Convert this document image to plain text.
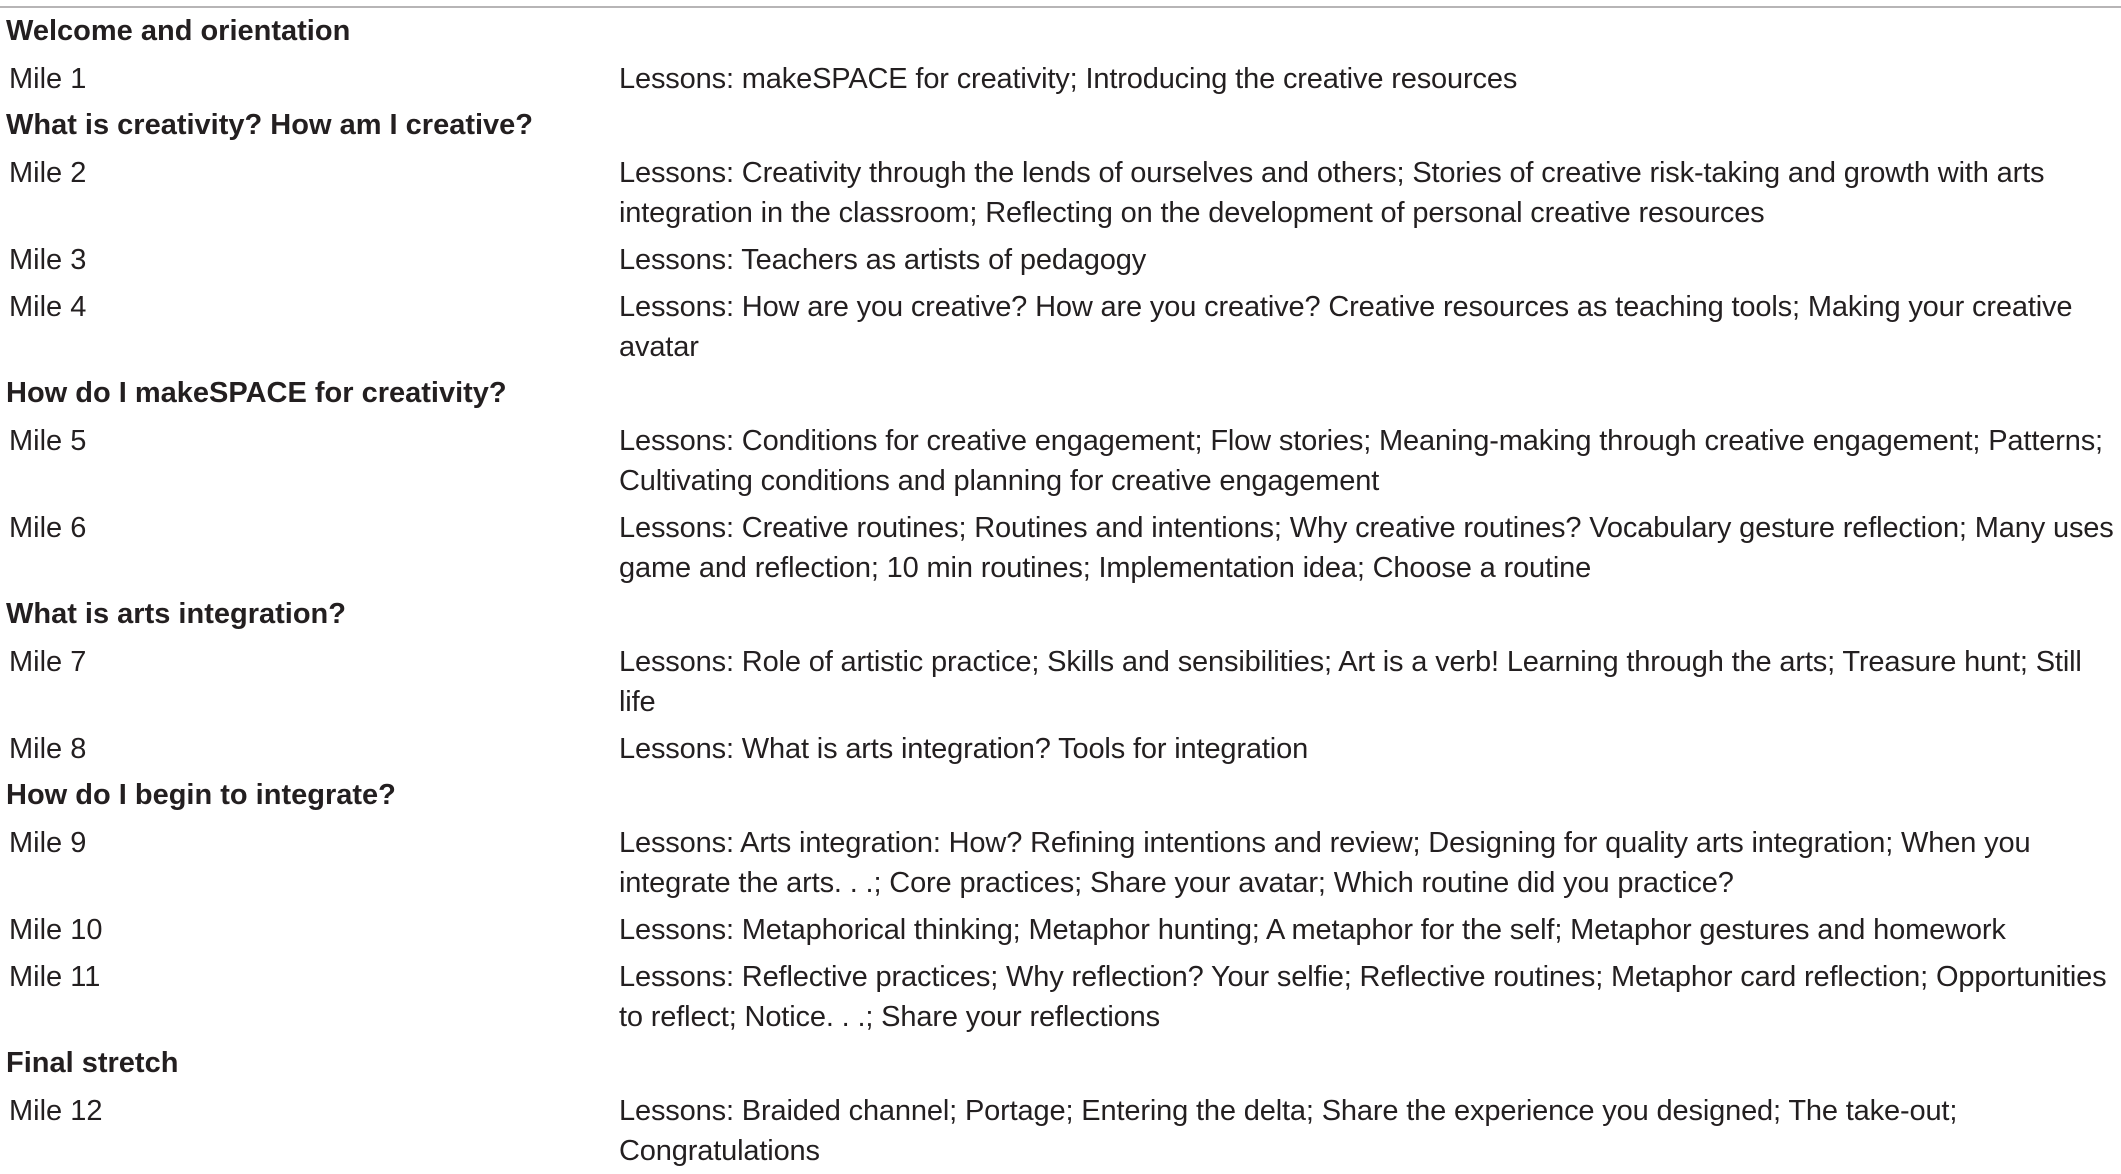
Welcome and orientation
Mile 1	Lessons: makeSPACE for creativity; Introducing the creative resources
What is creativity? How am I creative?
Mile 2	Lessons: Creativity through the lends of ourselves and others; Stories of creative risk-taking and growth with arts integration in the classroom; Reflecting on the development of personal creative resources
Mile 3	Lessons: Teachers as artists of pedagogy
Mile 4	Lessons: How are you creative? How are you creative? Creative resources as teaching tools; Making your creative avatar
How do I makeSPACE for creativity?
Mile 5	Lessons: Conditions for creative engagement; Flow stories; Meaning-making through creative engagement; Patterns; Cultivating conditions and planning for creative engagement
Mile 6	Lessons: Creative routines; Routines and intentions; Why creative routines? Vocabulary gesture reflection; Many uses game and reflection; 10 min routines; Implementation idea; Choose a routine
What is arts integration?
Mile 7	Lessons: Role of artistic practice; Skills and sensibilities; Art is a verb! Learning through the arts; Treasure hunt; Still life
Mile 8	Lessons: What is arts integration? Tools for integration
How do I begin to integrate?
Mile 9	Lessons: Arts integration: How? Refining intentions and review; Designing for quality arts integration; When you integrate the arts. . .; Core practices; Share your avatar; Which routine did you practice?
Mile 10	Lessons: Metaphorical thinking; Metaphor hunting; A metaphor for the self; Metaphor gestures and homework
Mile 11	Lessons: Reflective practices; Why reflection? Your selfie; Reflective routines; Metaphor card reflection; Opportunities to reflect; Notice. . .; Share your reflections
Final stretch
Mile 12	Lessons: Braided channel; Portage; Entering the delta; Share the experience you designed; The take-out; Congratulations
